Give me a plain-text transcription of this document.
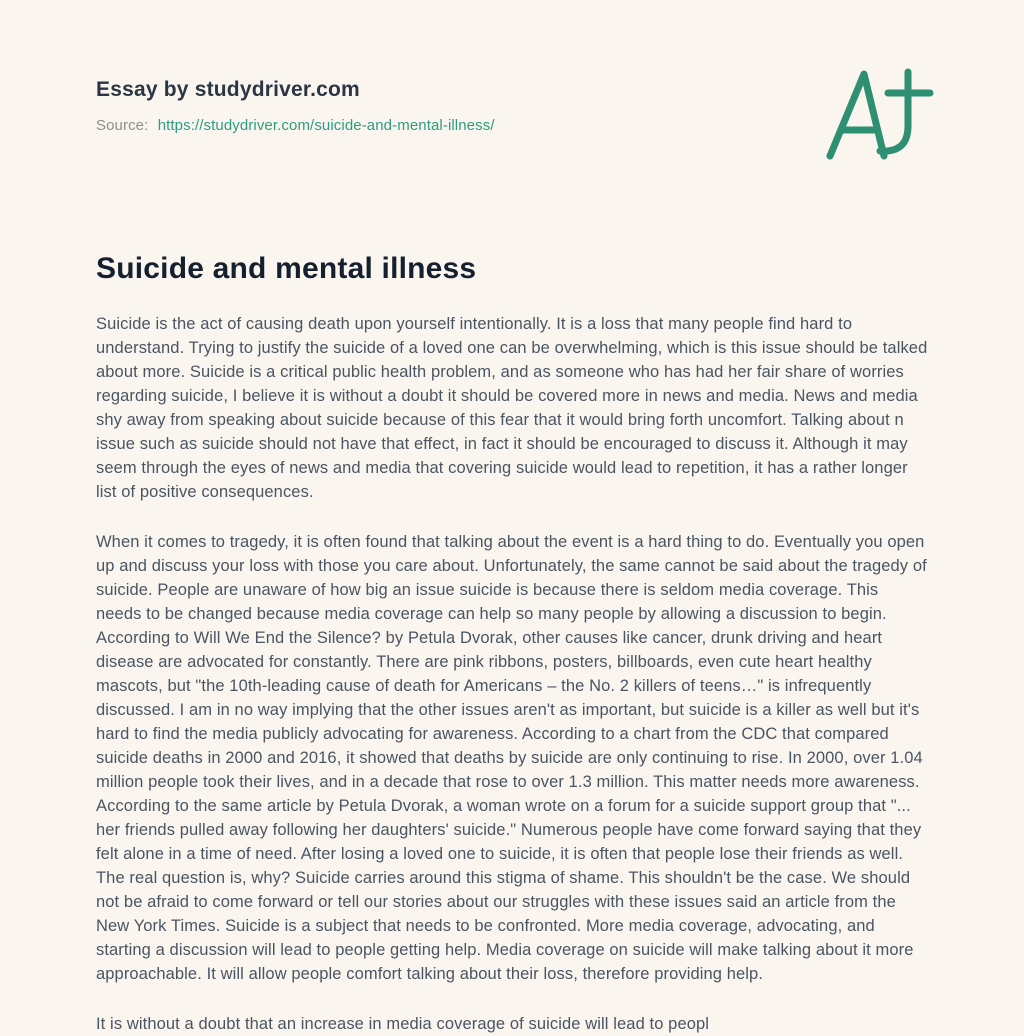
Essay by studydriver.com
Source: https://studydriver.com/suicide-and-mental-illness/
Suicide and mental illness

Suicide is the act of causing death upon yourself intentionally. It is a loss that many people find hard to understand. Trying to justify the suicide of a loved one can be overwhelming, which is this issue should be talked about more. Suicide is a critical public health problem, and as someone who has had her fair share of worries regarding suicide, I believe it is without a doubt it should be covered more in news and media. News and media shy away from speaking about suicide because of this fear that it would bring forth uncomfort. Talking about n issue such as suicide should not have that effect, in fact it should be encouraged to discuss it. Although it may seem through the eyes of news and media that covering suicide would lead to repetition, it has a rather longer list of positive consequences.

When it comes to tragedy, it is often found that talking about the event is a hard thing to do. Eventually you open up and discuss your loss with those you care about. Unfortunately, the same cannot be said about the tragedy of suicide. People are unaware of how big an issue suicide is because there is seldom media coverage. This needs to be changed because media coverage can help so many people by allowing a discussion to begin. According to Will We End the Silence? by Petula Dvorak, other causes like cancer, drunk driving and heart disease are advocated for constantly. There are pink ribbons, posters, billboards, even cute heart healthy mascots, but "the 10th-leading cause of death for Americans – the No. 2 killers of teens…" is infrequently discussed. I am in no way implying that the other issues aren't as important, but suicide is a killer as well but it's hard to find the media publicly advocating for awareness. According to a chart from the CDC that compared suicide deaths in 2000 and 2016, it showed that deaths by suicide are only continuing to rise. In 2000, over 1.04 million people took their lives, and in a decade that rose to over 1.3 million. This matter needs more awareness. According to the same article by Petula Dvorak, a woman wrote on a forum for a suicide support group that "... her friends pulled away following her daughters' suicide." Numerous people have come forward saying that they felt alone in a time of need. After losing a loved one to suicide, it is often that people lose their friends as well. The real question is, why? Suicide carries around this stigma of shame. This shouldn't be the case. We should not be afraid to come forward or tell our stories about our struggles with these issues said an article from the New York Times. Suicide is a subject that needs to be confronted. More media coverage, advocating, and starting a discussion will lead to people getting help. Media coverage on suicide will make talking about it more approachable. It will allow people comfort talking about their loss, therefore providing help.

It is without a doubt that an increase in media coverage of suicide will lead to peopl
